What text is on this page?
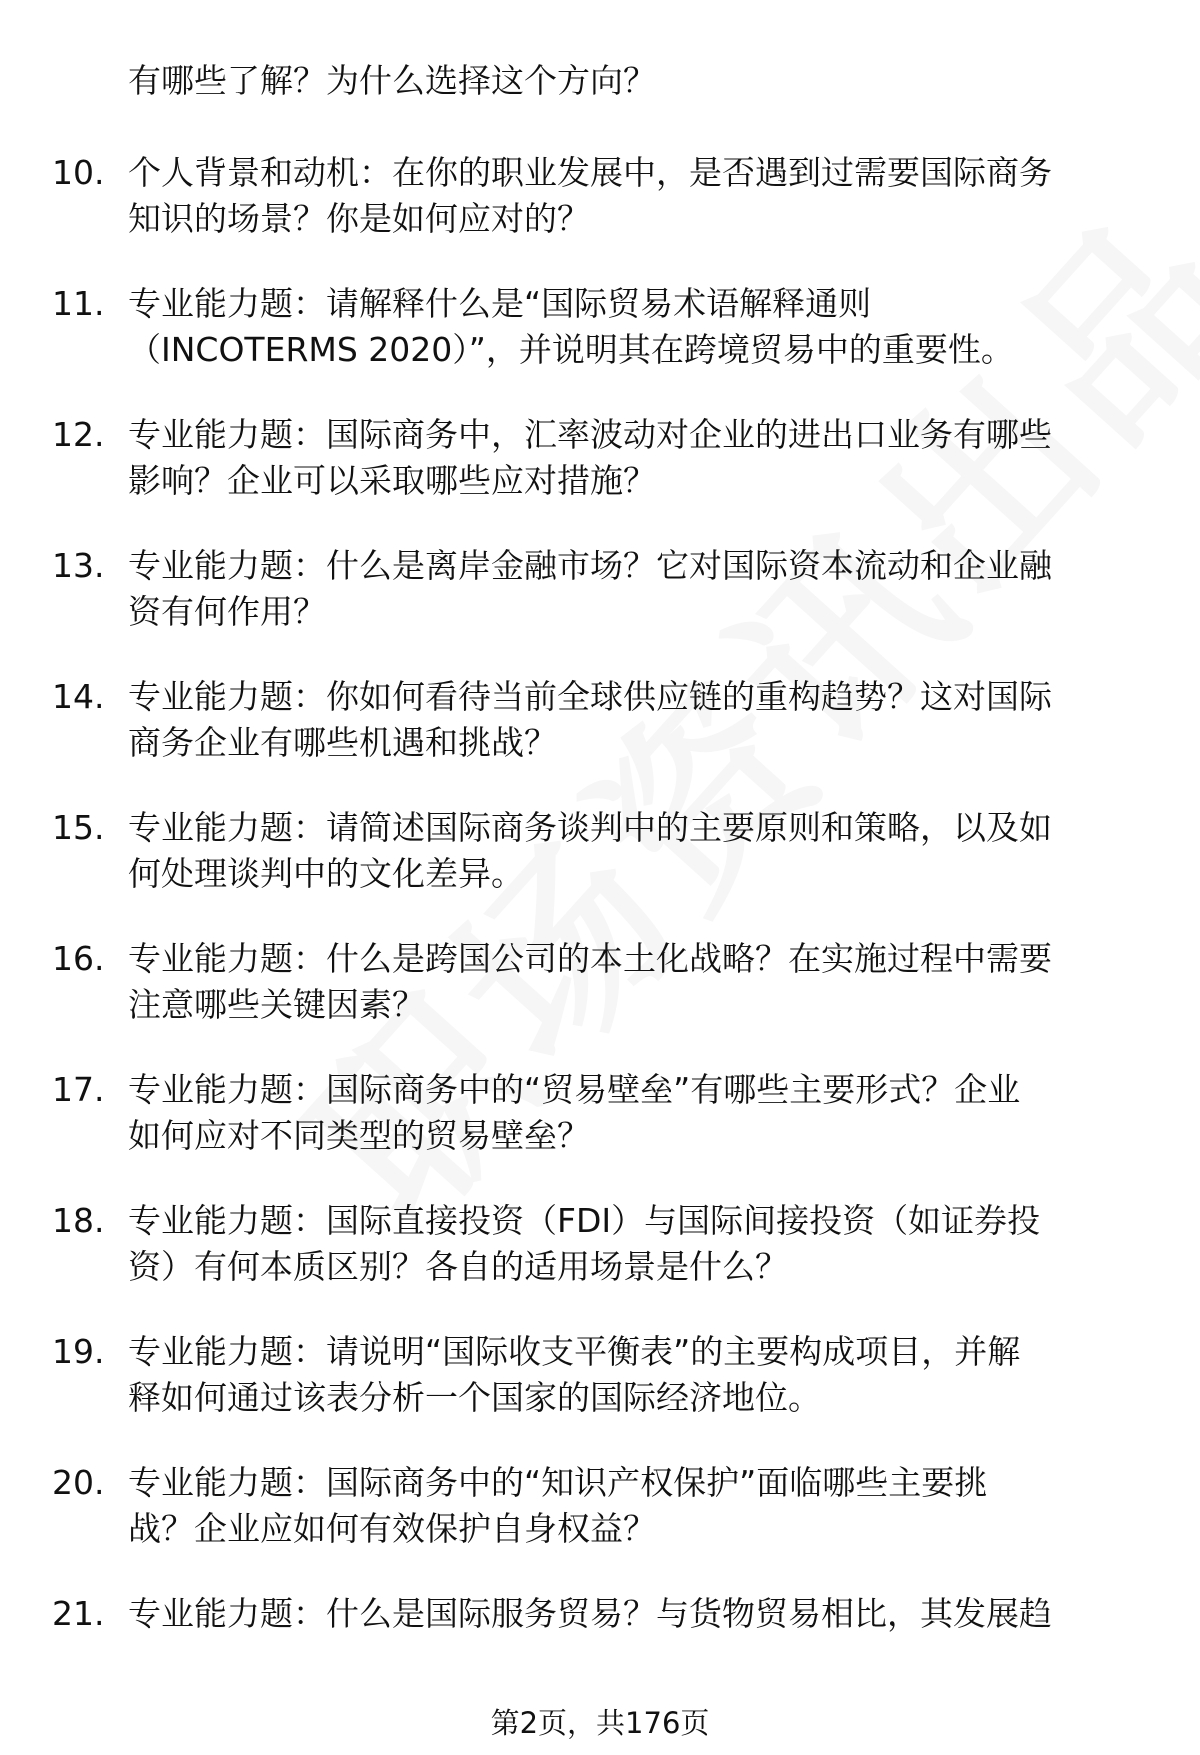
有哪些了解？为什么选择这个方向？
10. 个人背景和动机：在你的职业发展中，是否遇到过需要国际商务
知识的场景？你是如何应对的？
11. 专业能力题：请解释什么是“国际贸易术语解释通则
（INCOTERMS 2020）”，并说明其在跨境贸易中的重要性。
12. 专业能力题：国际商务中，汇率波动对企业的进出口业务有哪些
影响？企业可以采取哪些应对措施？
13. 专业能力题：什么是离岸金融市场？它对国际资本流动和企业融
资有何作用？
14. 专业能力题：你如何看待当前全球供应链的重构趋势？这对国际
商务企业有哪些机遇和挑战？
15. 专业能力题：请简述国际商务谈判中的主要原则和策略，以及如
何处理谈判中的文化差异。
16. 专业能力题：什么是跨国公司的本土化战略？在实施过程中需要
注意哪些关键因素？
17. 专业能力题：国际商务中的“贸易壁垒”有哪些主要形式？企业
如何应对不同类型的贸易壁垒？
18. 专业能力题：国际直接投资（FDI）与国际间接投资（如证券投
资）有何本质区别？各自的适用场景是什么？
19. 专业能力题：请说明“国际收支平衡表”的主要构成项目，并解
释如何通过该表分析一个国家的国际经济地位。
20. 专业能力题：国际商务中的“知识产权保护”面临哪些主要挑
战？企业应如何有效保护自身权益？
21. 专业能力题：什么是国际服务贸易？与货物贸易相比，其发展趋
第2页，共176页
